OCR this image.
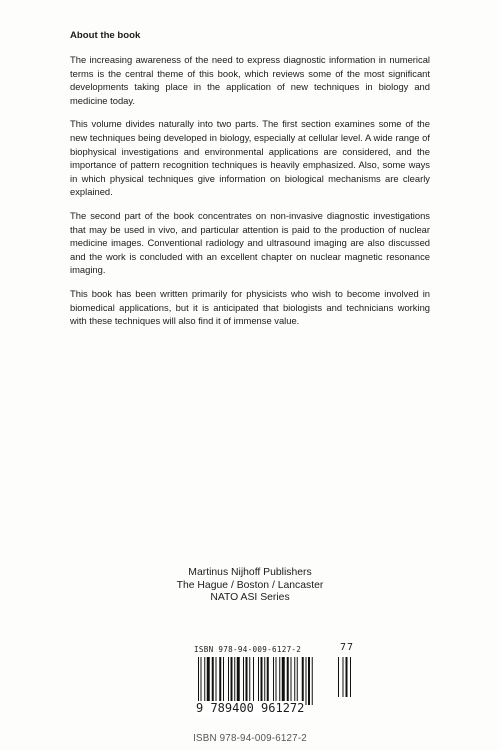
About the book

The increasing awareness of the need to express diagnostic information in numerical terms is the central theme of this book, which reviews some of the most significant developments taking place in the application of new techniques in biology and medicine today.

This volume divides naturally into two parts. The first section examines some of the new techniques being developed in biology, especially at cellular level. A wide range of biophysical investigations and environmental applications are considered, and the importance of pattern recognition techniques is heavily emphasized. Also, some ways in which physical techniques give information on biological mechanisms are clearly explained.

The second part of the book concentrates on non-invasive diagnostic investigations that may be used in vivo, and particular attention is paid to the production of nuclear medicine images. Conventional radiology and ultrasound imaging are also discussed and the work is concluded with an excellent chapter on nuclear magnetic resonance imaging.

This book has been written primarily for physicists who wish to become involved in biomedical applications, but it is anticipated that biologists and technicians working with these techniques will also find it of immense value.

Martinus Nijhoff Publishers
The Hague / Boston / Lancaster
NATO ASI Series
ISBN 978-94-009-6127-2	77
9 789400 961272
ISBN 978-94-009-6127-2
